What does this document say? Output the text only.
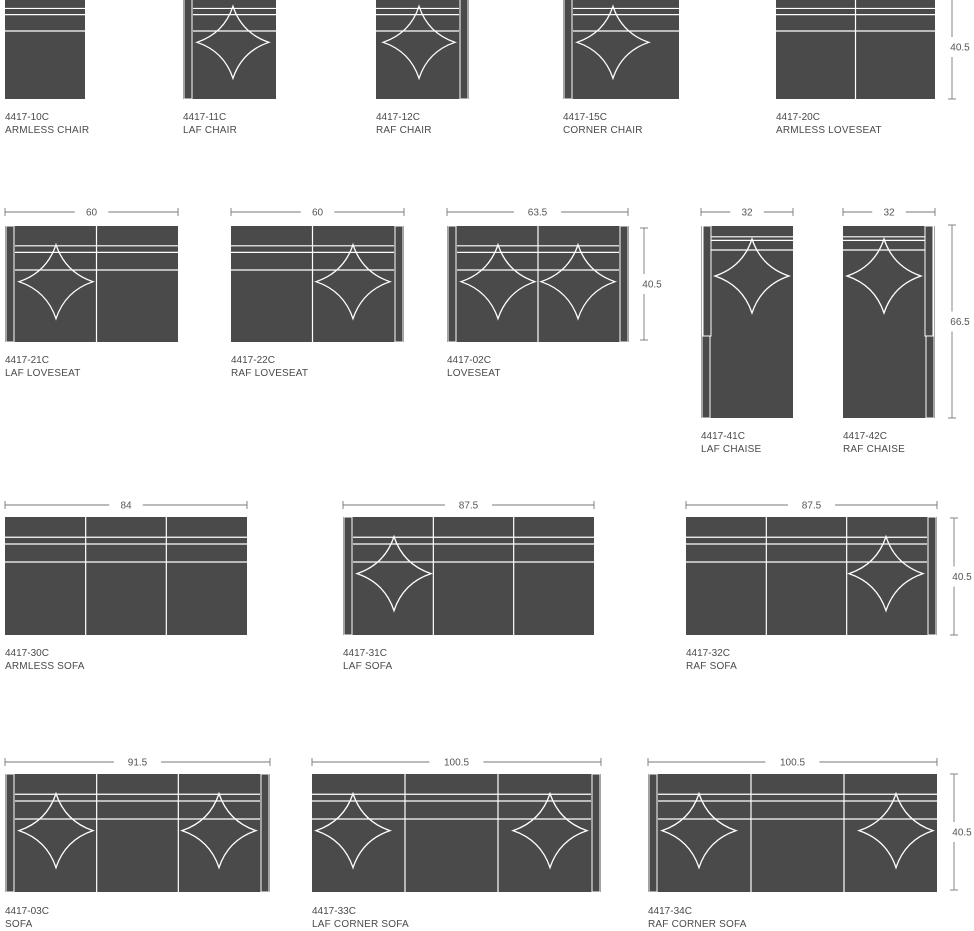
4417-10C
ARMLESS CHAIR
4417-11C
LAF CHAIR
4417-12C
RAF CHAIR
4417-15C
CORNER CHAIR
4417-20C
ARMLESS LOVESEAT
40.5
4417-21C
LAF LOVESEAT
60
4417-22C
RAF LOVESEAT
60
4417-02C
LOVESEAT
63.5
40.5
4417-41C
LAF CHAISE
32
4417-42C
RAF CHAISE
32
66.5
4417-30C
ARMLESS SOFA
84
4417-31C
LAF SOFA
87.5
4417-32C
RAF SOFA
87.5
40.5
4417-03C
SOFA
91.5
4417-33C
LAF CORNER SOFA
100.5
4417-34C
RAF CORNER SOFA
100.5
40.5
